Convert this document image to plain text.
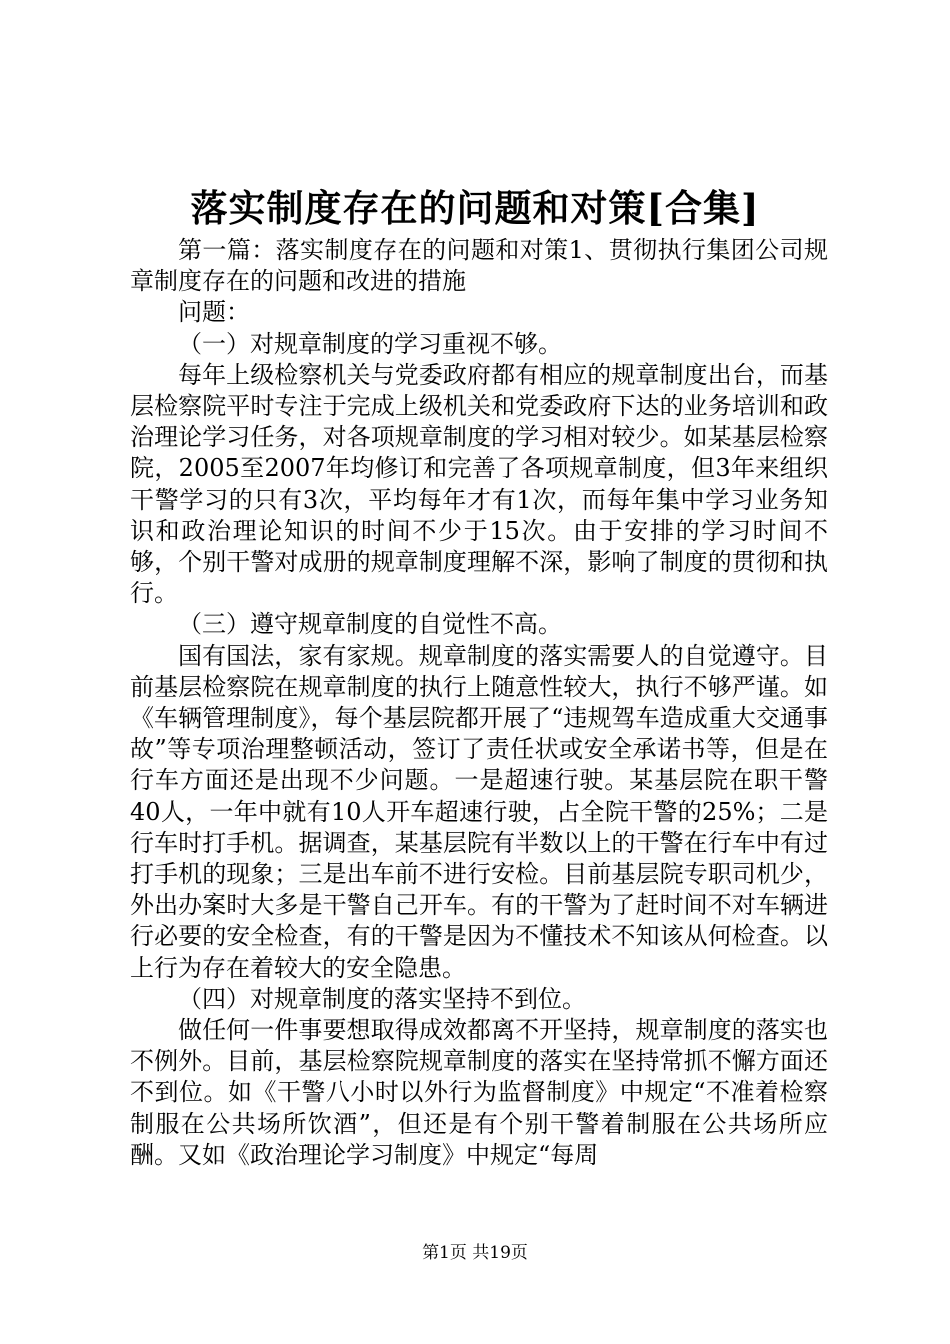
落实制度存在的问题和对策[合集]

第一篇：落实制度存在的问题和对策1、贯彻执行集团公司规章制度存在的问题和改进的措施

问题：

（一）对规章制度的学习重视不够。

每年上级检察机关与党委政府都有相应的规章制度出台，而基层检察院平时专注于完成上级机关和党委政府下达的业务培训和政治理论学习任务，对各项规章制度的学习相对较少。如某基层检察院，2005至2007年均修订和完善了各项规章制度，但3年来组织干警学习的只有3次，平均每年才有1次，而每年集中学习业务知识和政治理论知识的时间不少于15次。由于安排的学习时间不够，个别干警对成册的规章制度理解不深，影响了制度的贯彻和执行。

（三）遵守规章制度的自觉性不高。

国有国法，家有家规。规章制度的落实需要人的自觉遵守。目前基层检察院在规章制度的执行上随意性较大，执行不够严谨。如《车辆管理制度》，每个基层院都开展了“违规驾车造成重大交通事故”等专项治理整顿活动，签订了责任状或安全承诺书等，但是在行车方面还是出现不少问题。一是超速行驶。某基层院在职干警40人，一年中就有10人开车超速行驶，占全院干警的25%；二是行车时打手机。据调查，某基层院有半数以上的干警在行车中有过打手机的现象；三是出车前不进行安检。目前基层院专职司机少，外出办案时大多是干警自己开车。有的干警为了赶时间不对车辆进行必要的安全检查，有的干警是因为不懂技术不知该从何检查。以上行为存在着较大的安全隐患。

（四）对规章制度的落实坚持不到位。

做任何一件事要想取得成效都离不开坚持，规章制度的落实也不例外。目前，基层检察院规章制度的落实在坚持常抓不懈方面还不到位。如《干警八小时以外行为监督制度》中规定“不准着检察制服在公共场所饮酒”，但还是有个别干警着制服在公共场所应酬。又如《政治理论学习制度》中规定“每周

第1页 共19页
